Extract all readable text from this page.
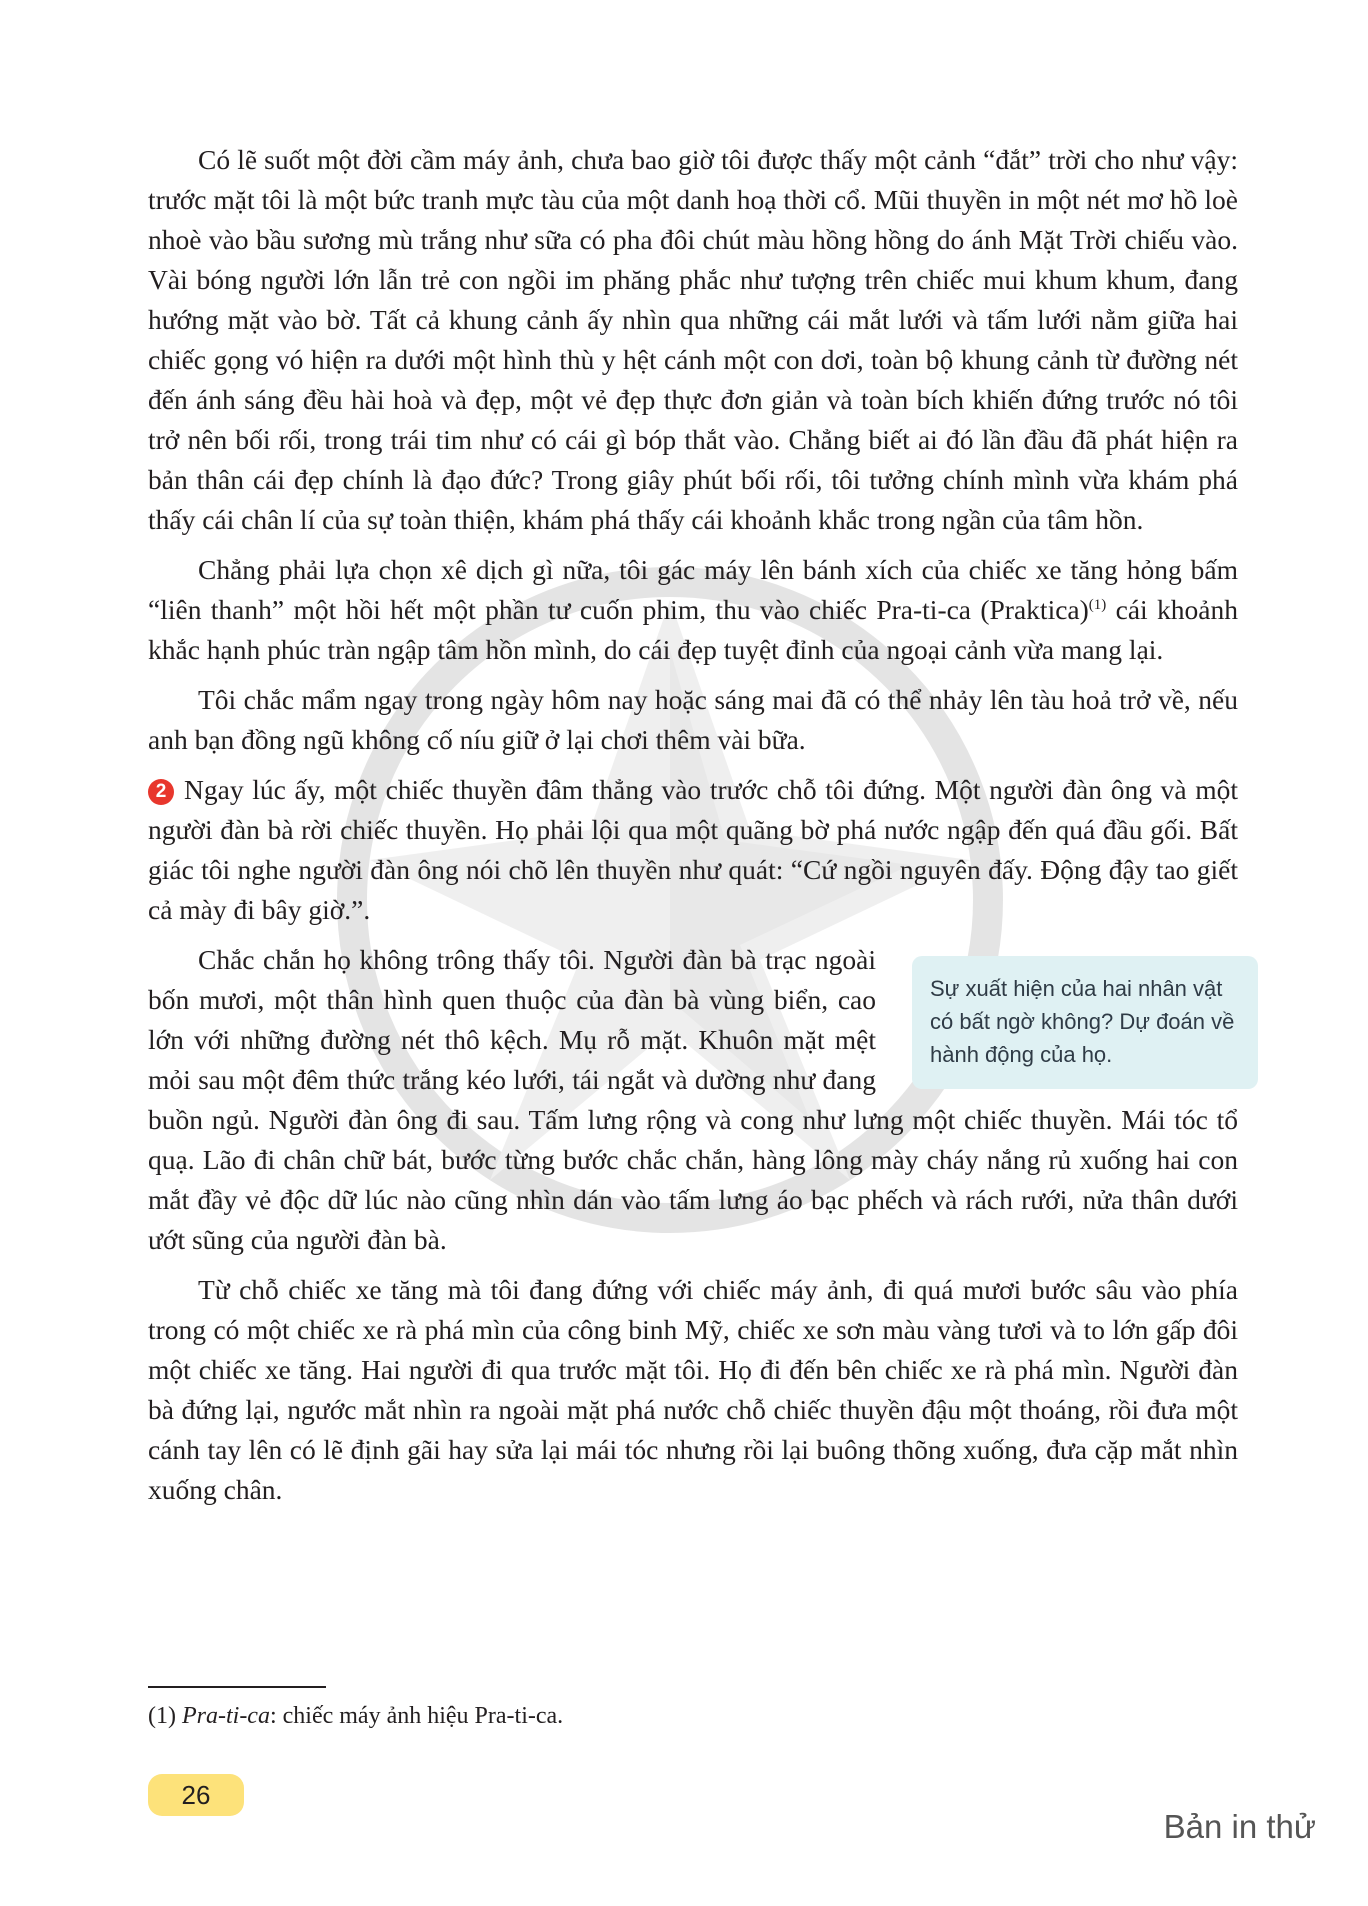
Có lẽ suốt một đời cầm máy ảnh, chưa bao giờ tôi được thấy một cảnh “đắt” trời cho như vậy: trước mặt tôi là một bức tranh mực tàu của một danh hoạ thời cổ. Mũi thuyền in một nét mơ hồ loè nhoè vào bầu sương mù trắng như sữa có pha đôi chút màu hồng hồng do ánh Mặt Trời chiếu vào. Vài bóng người lớn lẫn trẻ con ngồi im phăng phắc như tượng trên chiếc mui khum khum, đang hướng mặt vào bờ. Tất cả khung cảnh ấy nhìn qua những cái mắt lưới và tấm lưới nằm giữa hai chiếc gọng vó hiện ra dưới một hình thù y hệt cánh một con dơi, toàn bộ khung cảnh từ đường nét đến ánh sáng đều hài hoà và đẹp, một vẻ đẹp thực đơn giản và toàn bích khiến đứng trước nó tôi trở nên bối rối, trong trái tim như có cái gì bóp thắt vào. Chẳng biết ai đó lần đầu đã phát hiện ra bản thân cái đẹp chính là đạo đức? Trong giây phút bối rối, tôi tưởng chính mình vừa khám phá thấy cái chân lí của sự toàn thiện, khám phá thấy cái khoảnh khắc trong ngần của tâm hồn.

Chẳng phải lựa chọn xê dịch gì nữa, tôi gác máy lên bánh xích của chiếc xe tăng hỏng bấm “liên thanh” một hồi hết một phần tư cuốn phim, thu vào chiếc Pra-ti-ca (Praktica)$^{(1)}$ cái khoảnh khắc hạnh phúc tràn ngập tâm hồn mình, do cái đẹp tuyệt đỉnh của ngoại cảnh vừa mang lại.

Tôi chắc mẩm ngay trong ngày hôm nay hoặc sáng mai đã có thể nhảy lên tàu hoả trở về, nếu anh bạn đồng ngũ không cố níu giữ ở lại chơi thêm vài bữa.

2 Ngay lúc ấy, một chiếc thuyền đâm thẳng vào trước chỗ tôi đứng. Một người đàn ông và một người đàn bà rời chiếc thuyền. Họ phải lội qua một quãng bờ phá nước ngập đến quá đầu gối. Bất giác tôi nghe người đàn ông nói chõ lên thuyền như quát: “Cứ ngồi nguyên đấy. Động đậy tao giết cả mày đi bây giờ.”.

Sự xuất hiện của hai nhân vật có bất ngờ không? Dự đoán về hành động của họ.
Chắc chắn họ không trông thấy tôi. Người đàn bà trạc ngoài bốn mươi, một thân hình quen thuộc của đàn bà vùng biển, cao lớn với những đường nét thô kệch. Mụ rỗ mặt. Khuôn mặt mệt mỏi sau một đêm thức trắng kéo lưới, tái ngắt và dường như đang buồn ngủ. Người đàn ông đi sau. Tấm lưng rộng và cong như lưng một chiếc thuyền. Mái tóc tổ quạ. Lão đi chân chữ bát, bước từng bước chắc chắn, hàng lông mày cháy nắng rủ xuống hai con mắt đầy vẻ độc dữ lúc nào cũng nhìn dán vào tấm lưng áo bạc phếch và rách rưới, nửa thân dưới ướt sũng của người đàn bà.

Từ chỗ chiếc xe tăng mà tôi đang đứng với chiếc máy ảnh, đi quá mươi bước sâu vào phía trong có một chiếc xe rà phá mìn của công binh Mỹ, chiếc xe sơn màu vàng tươi và to lớn gấp đôi một chiếc xe tăng. Hai người đi qua trước mặt tôi. Họ đi đến bên chiếc xe rà phá mìn. Người đàn bà đứng lại, ngước mắt nhìn ra ngoài mặt phá nước chỗ chiếc thuyền đậu một thoáng, rồi đưa một cánh tay lên có lẽ định gãi hay sửa lại mái tóc nhưng rồi lại buông thõng xuống, đưa cặp mắt nhìn xuống chân.

(1) Pra-ti-ca: chiếc máy ảnh hiệu Pra-ti-ca.
26
Bản in thử
